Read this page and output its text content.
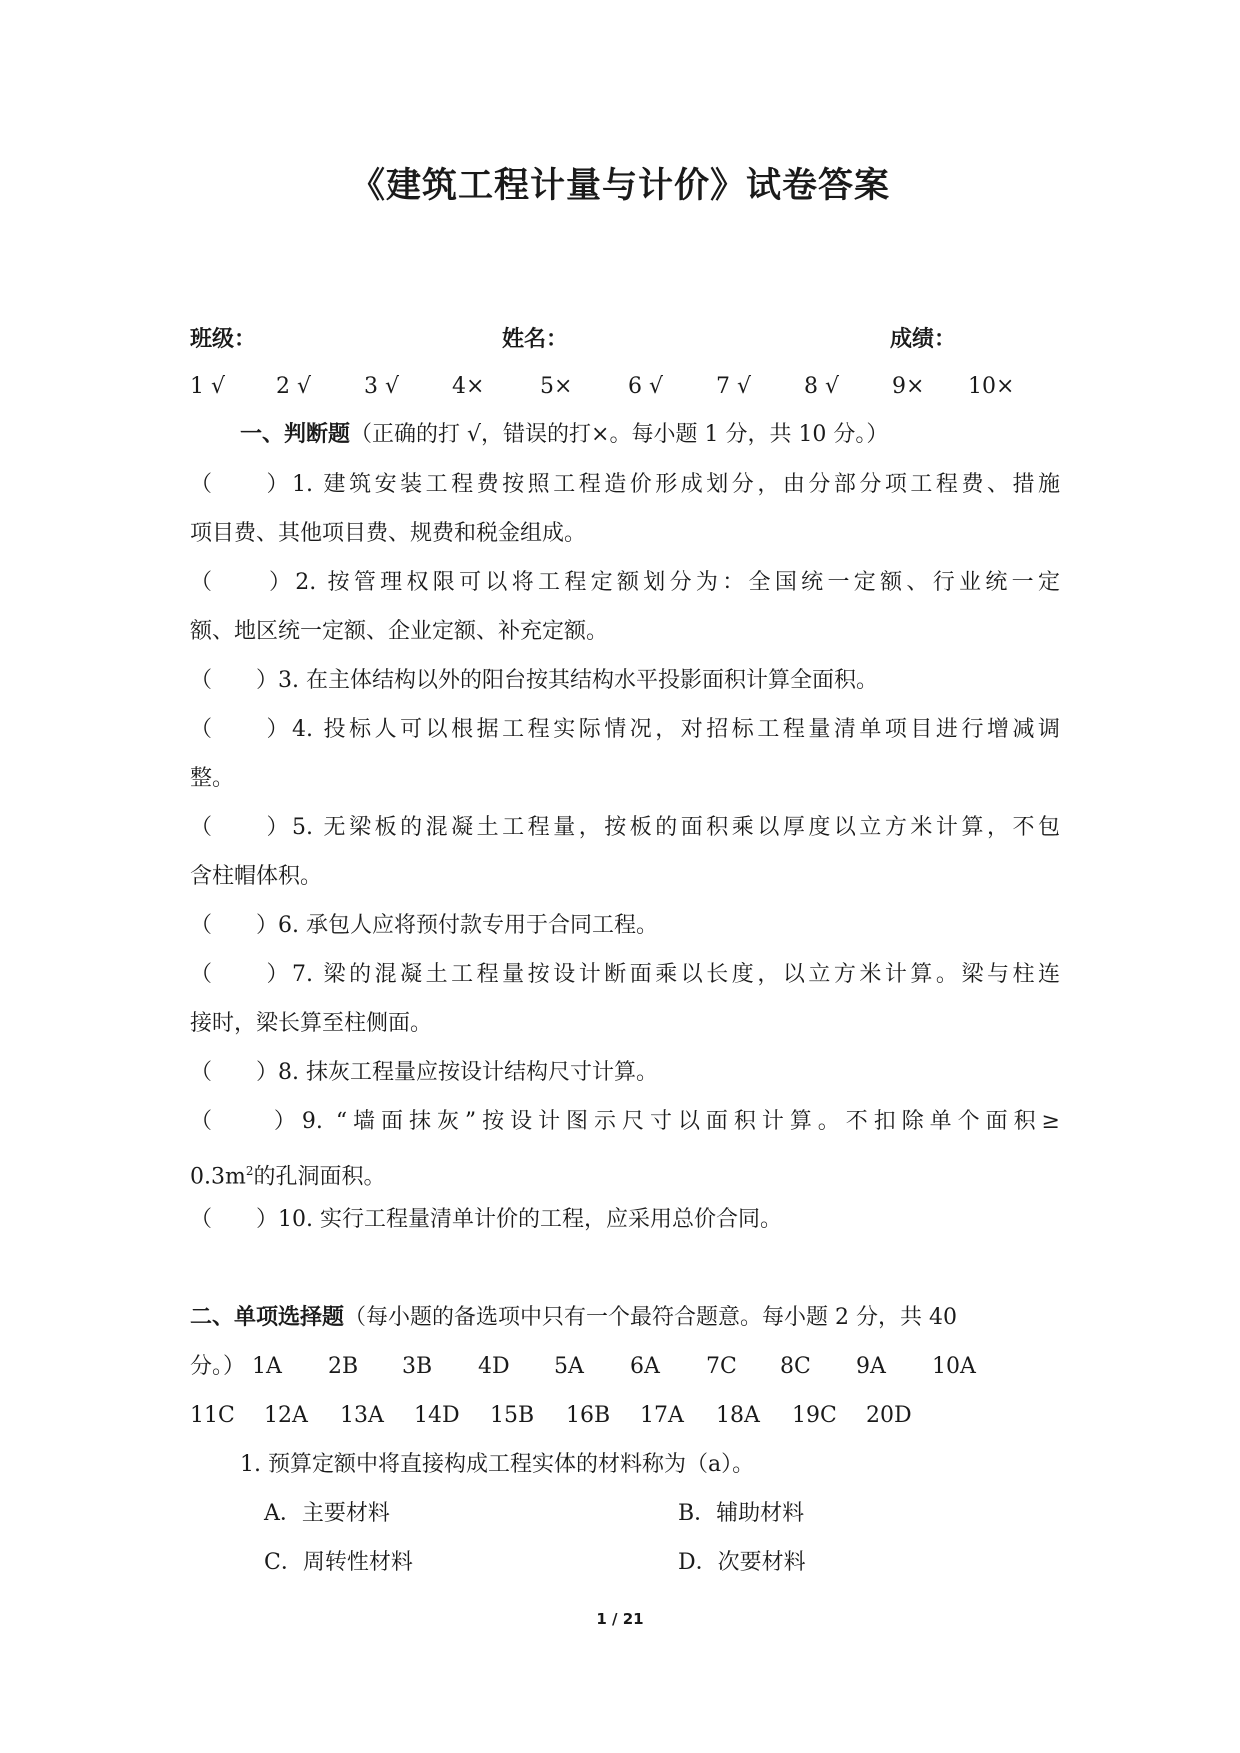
《建筑工程计量与计价》试卷答案
班级：	姓名：	成绩：
1 √ 2 √ 3 √ 4×	5×	6 √ 7 √ 8 √ 9× 10×
一、判断题（正确的打 √，错误的打×。每小题 1 分，共 10 分。）
（　　）1. 建筑安装工程费按照工程造价形成划分，由分部分项工程费、措施
项目费、其他项目费、规费和税金组成。
（　　）2. 按管理权限可以将工程定额划分为：全国统一定额、行业统一定
额、地区统一定额、企业定额、补充定额。
（　　）3. 在主体结构以外的阳台按其结构水平投影面积计算全面积。
（　　）4. 投标人可以根据工程实际情况，对招标工程量清单项目进行增减调
整。
（　　）5. 无梁板的混凝土工程量，按板的面积乘以厚度以立方米计算，不包
含柱帽体积。
（　　）6. 承包人应将预付款专用于合同工程。
（　　）7. 梁的混凝土工程量按设计断面乘以长度，以立方米计算。梁与柱连
接时，梁长算至柱侧面。
（　　）8. 抹灰工程量应按设计结构尺寸计算。
（　　）9. “墙面抹灰”按设计图示尺寸以面积计算。不扣除单个面积≥
$0.3m^2$的孔洞面积。
（　　）10. 实行工程量清单计价的工程，应采用总价合同。
二、单项选择题（每小题的备选项中只有一个最符合题意。每小题 2 分，共 40
分。） 1A 2B 3B 4D 5A 6A 7C 8C 9A 10A
11C 12A 13A 14D 15B 16B 17A 18A 19C 20D
1. 预算定额中将直接构成工程实体的材料称为（a）。
A．主要材料	B．辅助材料
C．周转性材料	D．次要材料
1 / 21
